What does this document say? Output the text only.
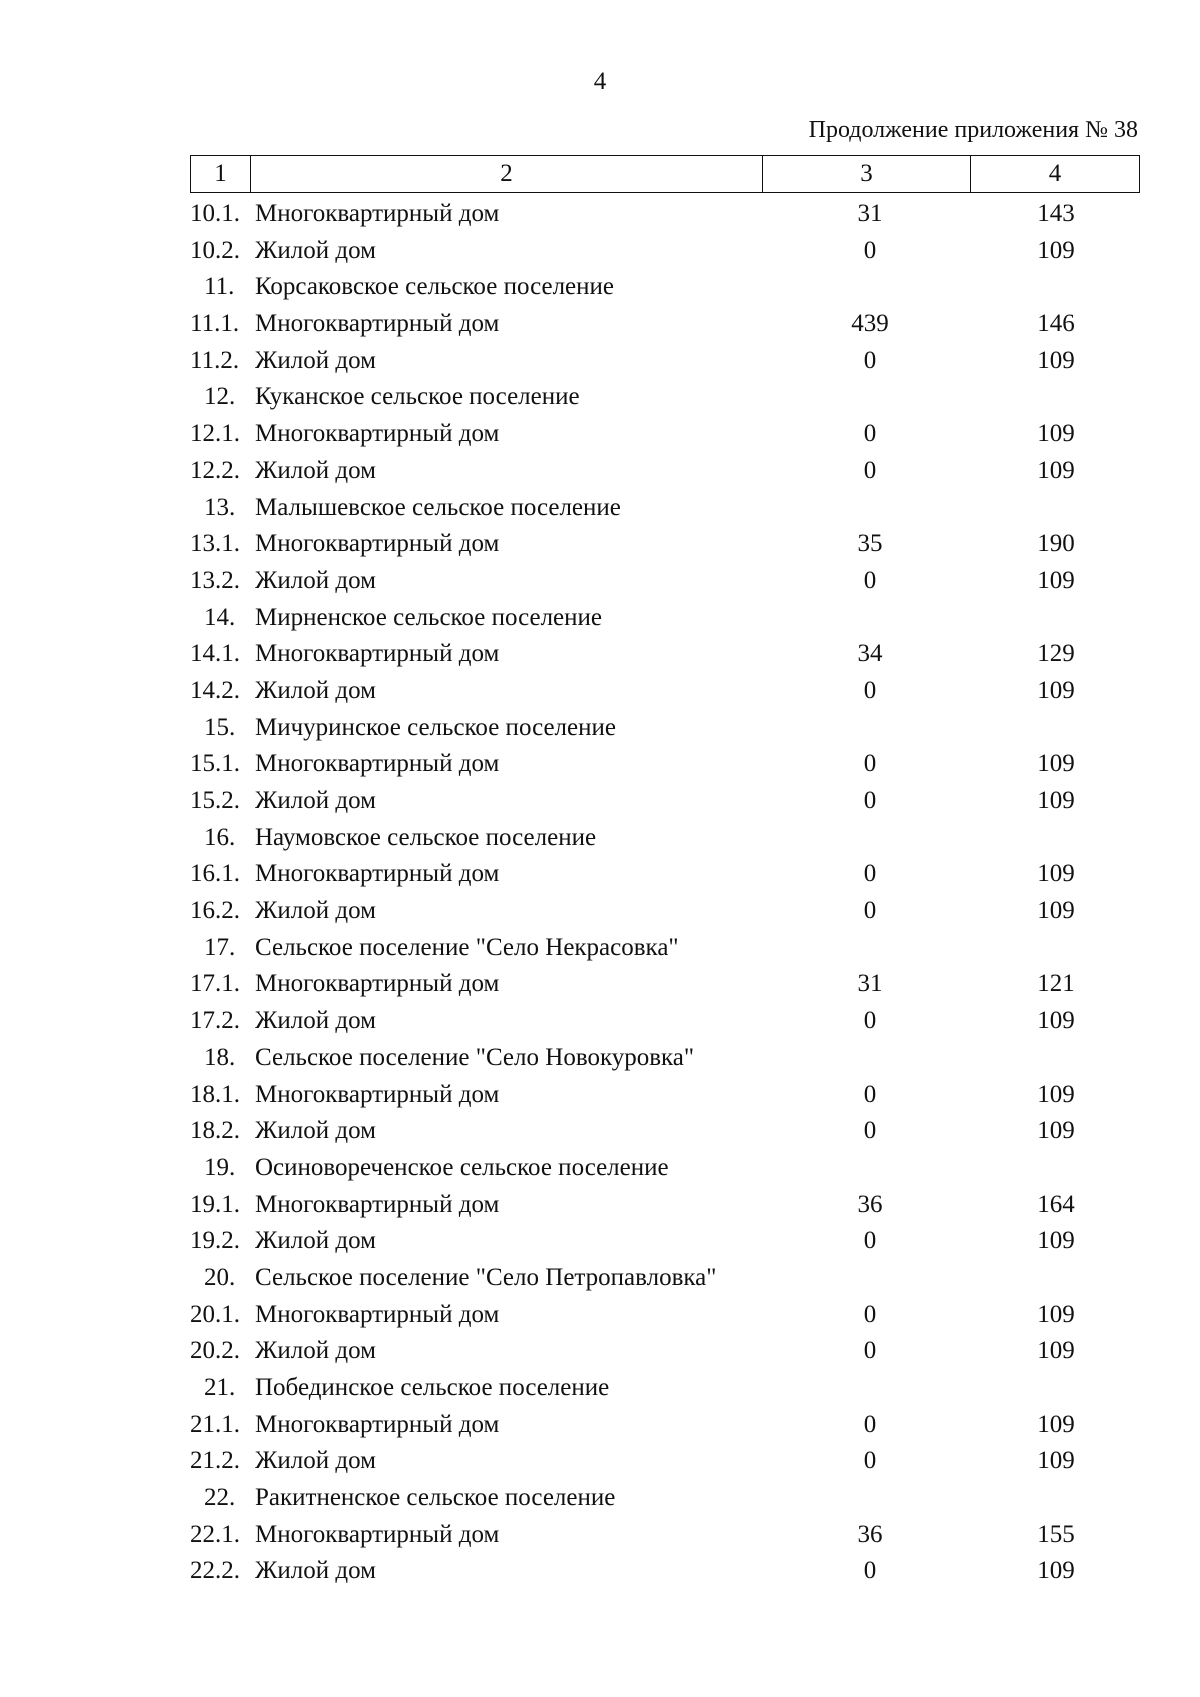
4
Продолжение приложения № 38
1	2	3	4
10.1. Многоквартирный дом	31	143
10.2. Жилой дом	0	109
11. Корсаковское сельское поселение
11.1. Многоквартирный дом	439	146
11.2. Жилой дом	0	109
12. Куканское сельское поселение
12.1. Многоквартирный дом	0	109
12.2. Жилой дом	0	109
13. Малышевское сельское поселение
13.1. Многоквартирный дом	35	190
13.2. Жилой дом	0	109
14. Мирненское сельское поселение
14.1. Многоквартирный дом	34	129
14.2. Жилой дом	0	109
15. Мичуринское сельское поселение
15.1. Многоквартирный дом	0	109
15.2. Жилой дом	0	109
16. Наумовское сельское поселение
16.1. Многоквартирный дом	0	109
16.2. Жилой дом	0	109
17. Сельское поселение "Село Некрасовка"
17.1. Многоквартирный дом	31	121
17.2. Жилой дом	0	109
18. Сельское поселение "Село Новокуровка"
18.1. Многоквартирный дом	0	109
18.2. Жилой дом	0	109
19. Осиновореченское сельское поселение
19.1. Многоквартирный дом	36	164
19.2. Жилой дом	0	109
20. Сельское поселение "Село Петропавловка"
20.1. Многоквартирный дом	0	109
20.2. Жилой дом	0	109
21. Побединское сельское поселение
21.1. Многоквартирный дом	0	109
21.2. Жилой дом	0	109
22. Ракитненское сельское поселение
22.1. Многоквартирный дом	36	155
22.2. Жилой дом	0	109
